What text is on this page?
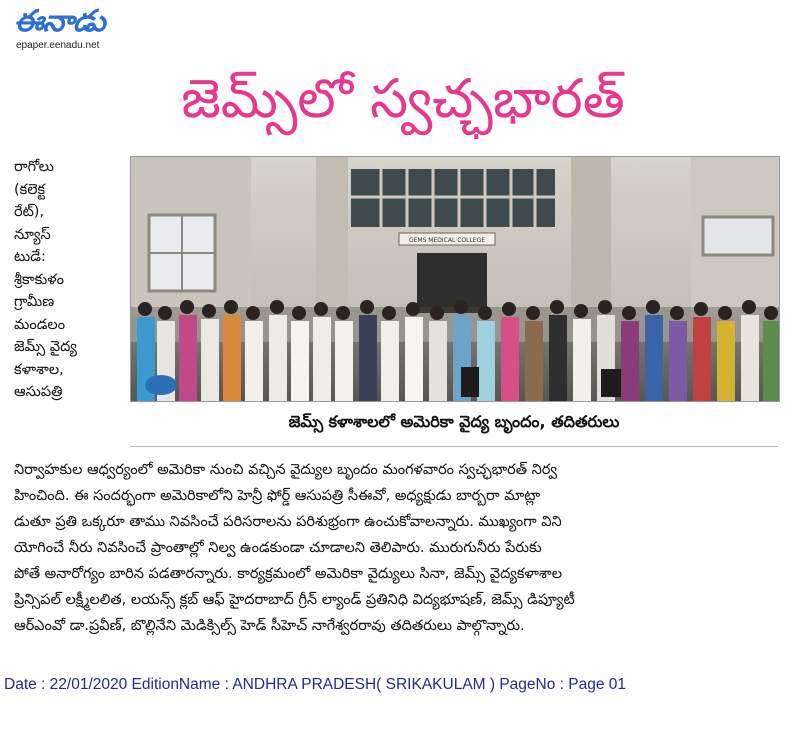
ఈనాడు
epaper.eenadu.net
జెమ్స్‌లో స్వచ్ఛభారత్‌
రాగోలు
(కలెక్ట
రేట్‌),
న్యూస్‌
టుడే:
శ్రీకాకుళం
గ్రామీణ
మండలం
జెమ్స్‌ వైద్య
కళాశాల,
ఆసుపత్రి
GEMS MEDICAL COLLEGE
జెమ్స్‌ కళాశాలలో అమెరికా వైద్య బృందం, తదితరులు
నిర్వాహకుల ఆధ్వర్యంలో అమెరికా నుంచి వచ్చిన వైద్యుల బృందం మంగళవారం స్వచ్ఛభారత్‌ నిర్వ
హించింది. ఈ సందర్భంగా అమెరికాలోని హెన్రీ ఫోర్డ్‌ ఆసుపత్రి సీఈవో, అధ్యక్షుడు బార్బరా మాట్లా
డుతూ ప్రతి ఒక్కరూ తాము నివసించే పరిసరాలను పరిశుభ్రంగా ఉంచుకోవాలన్నారు. ముఖ్యంగా విని
యోగించే నీరు నివసించే ప్రాంతాల్లో నిల్వ ఉండకుండా చూడాలని తెలిపారు. మురుగునీరు పేరుకు
పోతే అనారోగ్యం బారిన పడతారన్నారు. కార్యక్రమంలో అమెరికా వైద్యులు సినా, జెమ్స్‌ వైద్యకళాశాల
ప్రిన్సిపల్‌ లక్ష్మీలలిత, లయన్స్‌ క్లబ్‌ ఆఫ్‌ హైదరాబాద్‌ గ్రీన్‌ ల్యాండ్‌ ప్రతినిధి విద్యభూషణ్‌, జెమ్స్‌ డిప్యూటీ
ఆర్‌ఎంవో డా.ప్రవీణ్‌, బొల్లినేని మెడిక్సిల్స్‌ హెడ్‌ సీహెచ్‌ నాగేశ్వరరావు తదితరులు పాల్గొన్నారు.
Date : 22/01/2020 EditionName : ANDHRA PRADESH( SRIKAKULAM ) PageNo : Page 01
